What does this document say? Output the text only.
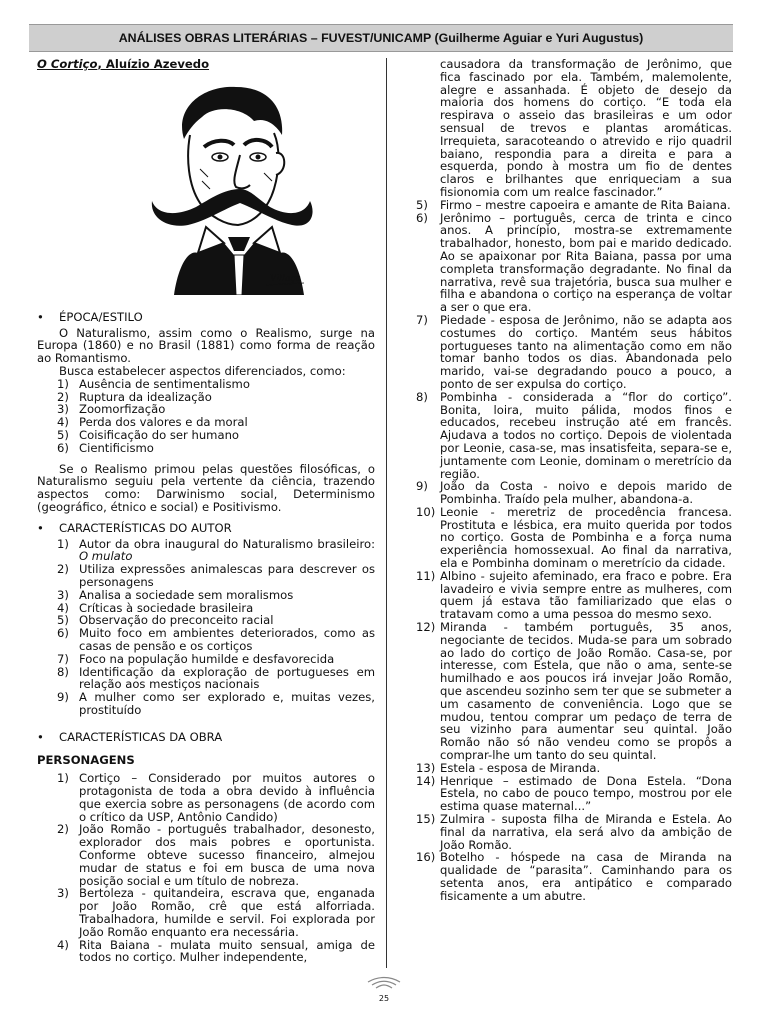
ANÁLISES OBRAS LITERÁRIAS – FUVEST/UNICAMP (Guilherme Aguiar e Yuri Augustus)

O Cortiço, Aluízio Azevedo

Villaça
•	ÉPOCA/ESTILO

O Naturalismo, assim como o Realismo, surge na Europa (1860) e no Brasil (1881) como forma de reação ao Romantismo.

Busca estabelecer aspectos diferenciados, como:

1) Ausência de sentimentalismo
2) Ruptura da idealização
3) Zoomorfização
4) Perda dos valores e da moral
5) Coisificação do ser humano
6) Cientificismo

Se o Realismo primou pelas questões filosóficas, o Naturalismo seguiu pela vertente da ciência, trazendo aspectos como: Darwinismo social, Determinismo (geográfico, étnico e social) e Positivismo.

•	CARACTERÍSTICAS DO AUTOR
1) Autor da obra inaugural do Naturalismo brasileiro: O mulato
2) Utiliza expressões animalescas para descrever os personagens
3) Analisa a sociedade sem moralismos
4) Críticas à sociedade brasileira
5) Observação do preconceito racial
6) Muito foco em ambientes deteriorados, como as casas de pensão e os cortiços
7) Foco na população humilde e desfavorecida
8) Identificação da exploração de portugueses em relação aos mestiços nacionais
9) A mulher como ser explorado e, muitas vezes, prostituído
•	CARACTERÍSTICAS DA OBRA

PERSONAGENS

1) Cortiço – Considerado por muitos autores o protagonista de toda a obra devido à influência que exercia sobre as personagens (de acordo com o crítico da USP, Antônio Candido)
2) João Romão - português trabalhador, desonesto, explorador dos mais pobres e oportunista. Conforme obteve sucesso financeiro, almejou mudar de status e foi em busca de uma nova posição social e um título de nobreza.
3) Bertoleza - quitandeira, escrava que, enganada por João Romão, crê que está alforriada. Trabalhadora, humilde e servil. Foi explorada por João Romão enquanto era necessária.
4) Rita Baiana - mulata muito sensual, amiga de todos no cortiço. Mulher independente,

causadora da transformação de Jerônimo, que fica fascinado por ela. Também, malemolente, alegre e assanhada. É objeto de desejo da maioria dos homens do cortiço. “E toda ela respirava o asseio das brasileiras e um odor sensual de trevos e plantas aromáticas. Irrequieta, saracoteando o atrevido e rijo quadril baiano, respondia para a direita e para a esquerda, pondo à mostra um fio de dentes claros e brilhantes que enriqueciam a sua fisionomia com um realce fascinador.”

5)	Firmo – mestre capoeira e amante de Rita Baiana.
6)	Jerônimo – português, cerca de trinta e cinco anos. A princípio, mostra-se extremamente trabalhador, honesto, bom pai e marido dedicado. Ao se apaixonar por Rita Baiana, passa por uma completa transformação degradante. No final da narrativa, revê sua trajetória, busca sua mulher e filha e abandona o cortiço na esperança de voltar a ser o que era.
7)	Piedade - esposa de Jerônimo, não se adapta aos costumes do cortiço. Mantém seus hábitos portugueses tanto na alimentação como em não tomar banho todos os dias. Abandonada pelo marido, vai-se degradando pouco a pouco, a ponto de ser expulsa do cortiço.
8)	Pombinha - considerada a “flor do cortiço”. Bonita, loira, muito pálida, modos finos e educados, recebeu instrução até em francês. Ajudava a todos no cortiço. Depois de violentada por Leonie, casa-se, mas insatisfeita, separa-se e, juntamente com Leonie, dominam o meretrício da região.
9)	João da Costa - noivo e depois marido de Pombinha. Traído pela mulher, abandona-a.
10) Leonie - meretriz de procedência francesa. Prostituta e lésbica, era muito querida por todos no cortiço. Gosta de Pombinha e a força numa experiência homossexual. Ao final da narrativa, ela e Pombinha dominam o meretrício da cidade.
11) Albino - sujeito afeminado, era fraco e pobre. Era lavadeiro e vivia sempre entre as mulheres, com quem já estava tão familiarizado que elas o tratavam como a uma pessoa do mesmo sexo.
12) Miranda - também português, 35 anos, negociante de tecidos. Muda-se para um sobrado ao lado do cortiço de João Romão. Casa-se, por interesse, com Estela, que não o ama, sente-se humilhado e aos poucos irá invejar João Romão, que ascendeu sozinho sem ter que se submeter a um casamento de conveniência. Logo que se mudou, tentou comprar um pedaço de terra de seu vizinho para aumentar seu quintal. João Romão não só não vendeu como se propôs a comprar-lhe um tanto do seu quintal.
13) Estela - esposa de Miranda.
14) Henrique – estimado de Dona Estela. “Dona Estela, no cabo de pouco tempo, mostrou por ele estima quase maternal...”
15) Zulmira - suposta filha de Miranda e Estela. Ao final da narrativa, ela será alvo da ambição de João Romão.
16) Botelho - hóspede na casa de Miranda na qualidade de “parasita”. Caminhando para os setenta anos, era antipático e comparado fisicamente a um abutre.
25
